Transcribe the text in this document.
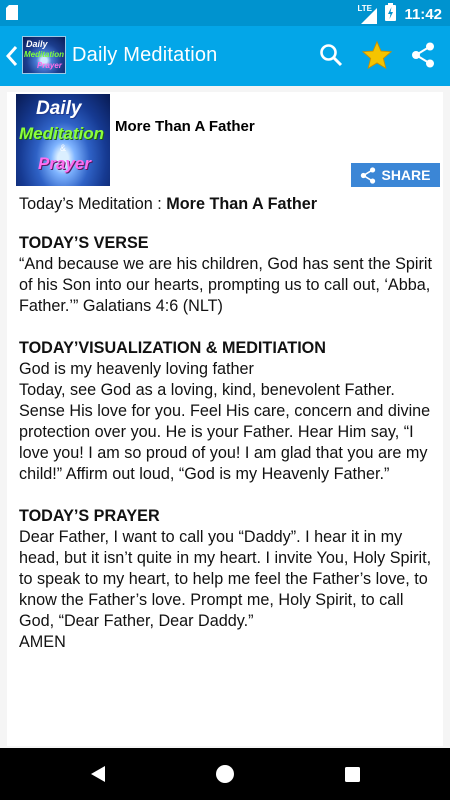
LTE 11:42
Daily
Meditation
Prayer Daily Meditation
Daily
Meditation
&
Prayer
More Than A Father
SHARE
Today’s Meditation : More Than A Father
TODAY’S VERSE
“And because we are his children, God has sent the Spirit of his Son into our hearts, prompting us to call out, ‘Abba, Father.’” Galatians 4:6 (NLT)
TODAY’VISUALIZATION & MEDITIATION
God is my heavenly loving father
Today, see God as a loving, kind, benevolent Father. Sense His love for you. Feel His care, concern and divine protection over you. He is your Father. Hear Him say, “I love you! I am so proud of you! I am glad that you are my child!” Affirm out loud, “God is my Heavenly Father.”
TODAY’S PRAYER
Dear Father, I want to call you “Daddy”. I hear it in my head, but it isn’t quite in my heart. I invite You, Holy Spirit, to speak to my heart, to help me feel the Father’s love, to know the Father’s love. Prompt me, Holy Spirit, to call God, “Dear Father, Dear Daddy.”
AMEN
